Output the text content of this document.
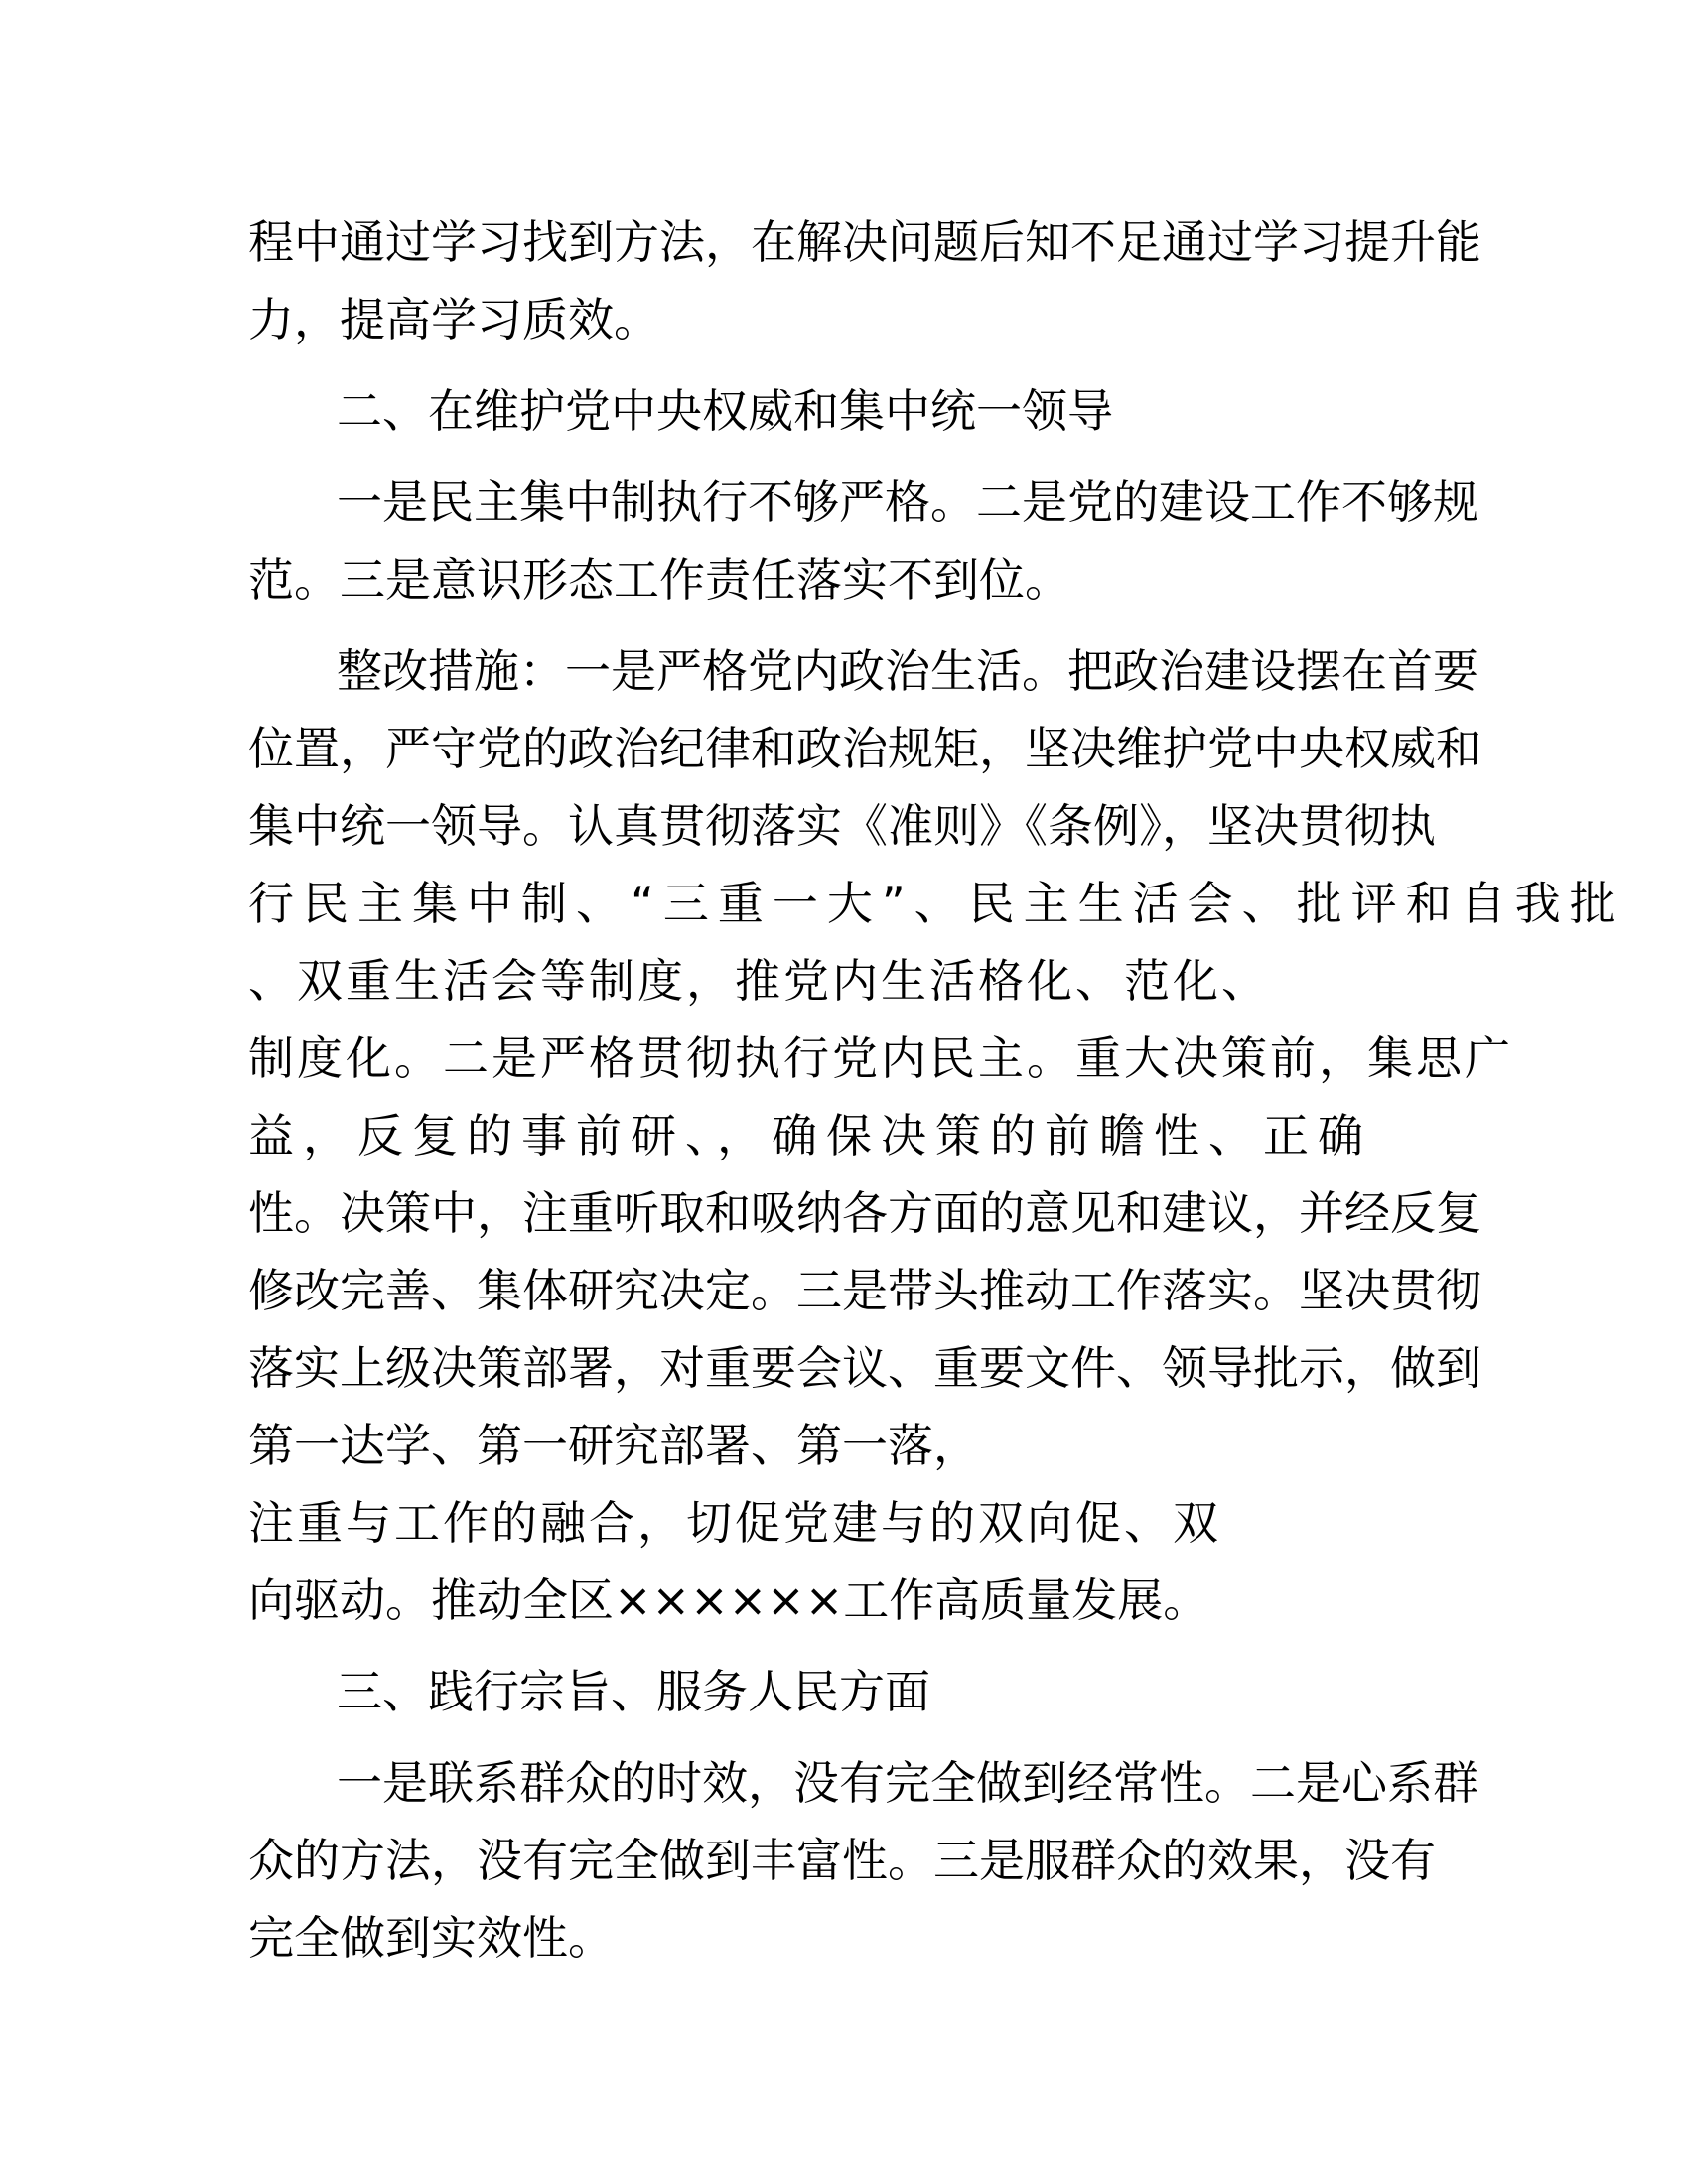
程中通过学习找到方法，在解决问题后知不足通过学习提升能
力，提高学习质效。
二、在维护党中央权威和集中统一领导
一是民主集中制执行不够严格。二是党的建设工作不够规
范。三是意识形态工作责任落实不到位。
整改措施：一是严格党内政治生活。把政治建设摆在首要
位置，严守党的政治纪律和政治规矩，坚决维护党中央权威和
集中统一领导。认真贯彻落实《准则》《条例》，坚决贯彻执
行民主集中制、“三重一大”、民主生活会、批评和自我批
、双重生活会等制度，推党内生活格化、范化、
制度化。二是严格贯彻执行党内民主。重大决策前，集思广
益，反复的事前研、，确保决策的前瞻性、正确
性。决策中，注重听取和吸纳各方面的意见和建议，并经反复
修改完善、集体研究决定。三是带头推动工作落实。坚决贯彻
落实上级决策部署，对重要会议、重要文件、领导批示，做到
第一达学、第一研究部署、第一落，
注重与工作的融合，切促党建与的双向促、双
向驱动。推动全区××××××工作高质量发展。
三、践行宗旨、服务人民方面
一是联系群众的时效，没有完全做到经常性。二是心系群
众的方法，没有完全做到丰富性。三是服群众的效果，没有
完全做到实效性。
